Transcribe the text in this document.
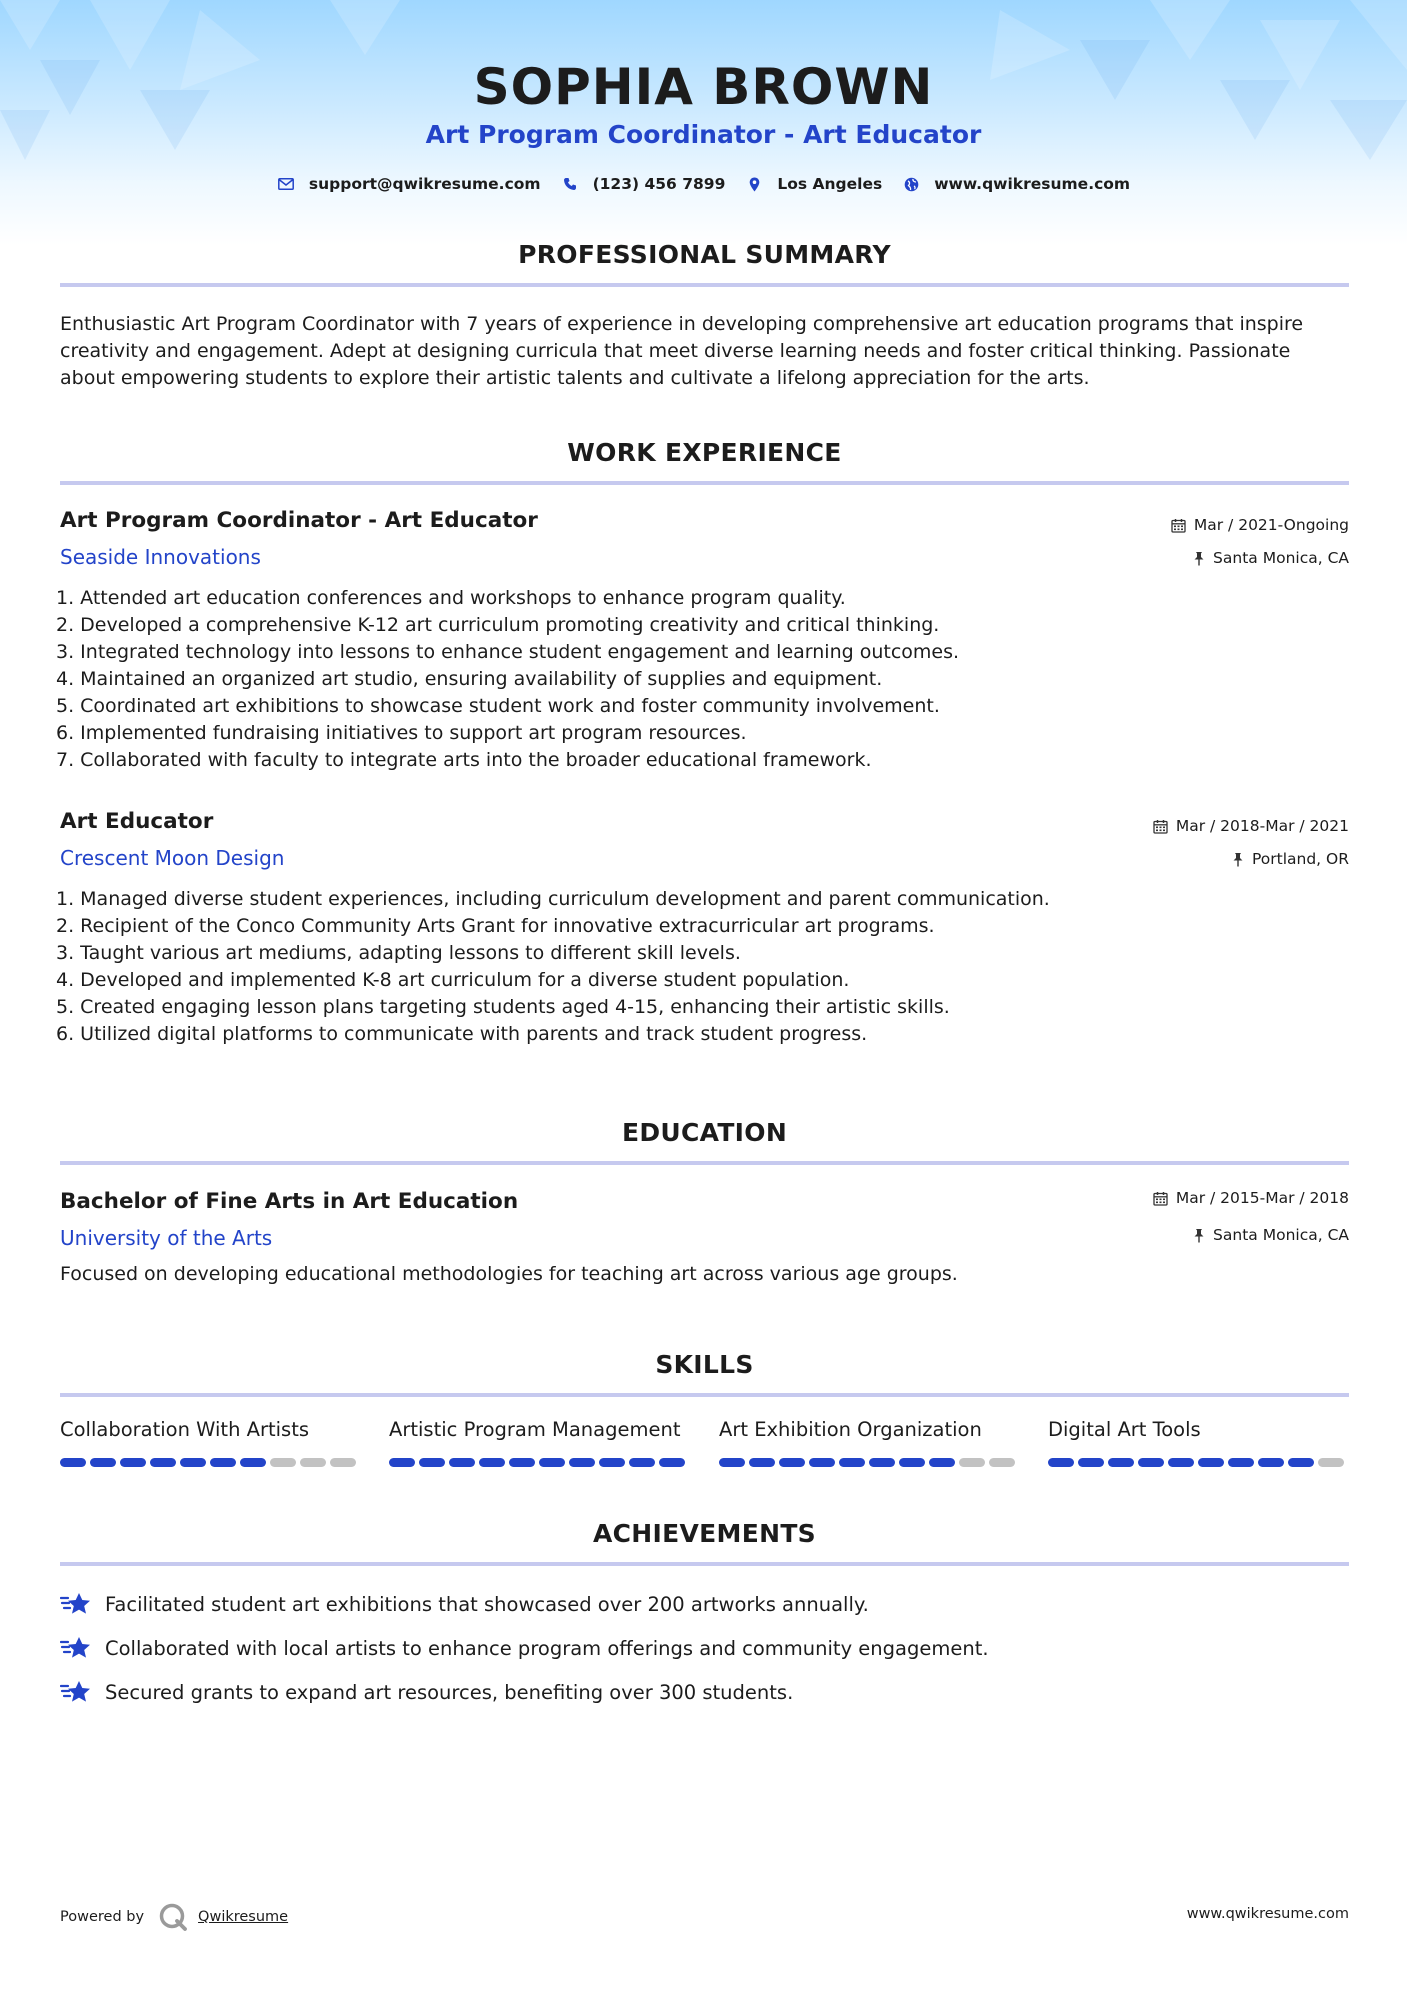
SOPHIA BROWN
Art Program Coordinator - Art Educator
support@qwikresume.com	(123) 456 7899	Los Angeles	www.qwikresume.com
PROFESSIONAL SUMMARY
Enthusiastic Art Program Coordinator with 7 years of experience in developing comprehensive art education programs that inspire
creativity and engagement. Adept at designing curricula that meet diverse learning needs and foster critical thinking. Passionate
about empowering students to explore their artistic talents and cultivate a lifelong appreciation for the arts.
WORK EXPERIENCE
Art Program Coordinator - Art Educator	Mar / 2021-Ongoing
Seaside Innovations	Santa Monica, CA
1. Attended art education conferences and workshops to enhance program quality.
2. Developed a comprehensive K-12 art curriculum promoting creativity and critical thinking.
3. Integrated technology into lessons to enhance student engagement and learning outcomes.
4. Maintained an organized art studio, ensuring availability of supplies and equipment.
5. Coordinated art exhibitions to showcase student work and foster community involvement.
6. Implemented fundraising initiatives to support art program resources.
7. Collaborated with faculty to integrate arts into the broader educational framework.
Art Educator	Mar / 2018-Mar / 2021
Crescent Moon Design	Portland, OR
1. Managed diverse student experiences, including curriculum development and parent communication.
2. Recipient of the Conco Community Arts Grant for innovative extracurricular art programs.
3. Taught various art mediums, adapting lessons to different skill levels.
4. Developed and implemented K-8 art curriculum for a diverse student population.
5. Created engaging lesson plans targeting students aged 4-15, enhancing their artistic skills.
6. Utilized digital platforms to communicate with parents and track student progress.
EDUCATION
Bachelor of Fine Arts in Art Education	Mar / 2015-Mar / 2018
University of the Arts	Santa Monica, CA
Focused on developing educational methodologies for teaching art across various age groups.
SKILLS
Collaboration With Artists	Artistic Program Management	Art Exhibition Organization	Digital Art Tools
ACHIEVEMENTS
Facilitated student art exhibitions that showcased over 200 artworks annually.
Collaborated with local artists to enhance program offerings and community engagement.
Secured grants to expand art resources, benefiting over 300 students.
Powered by	Qwikresume	www.qwikresume.com
